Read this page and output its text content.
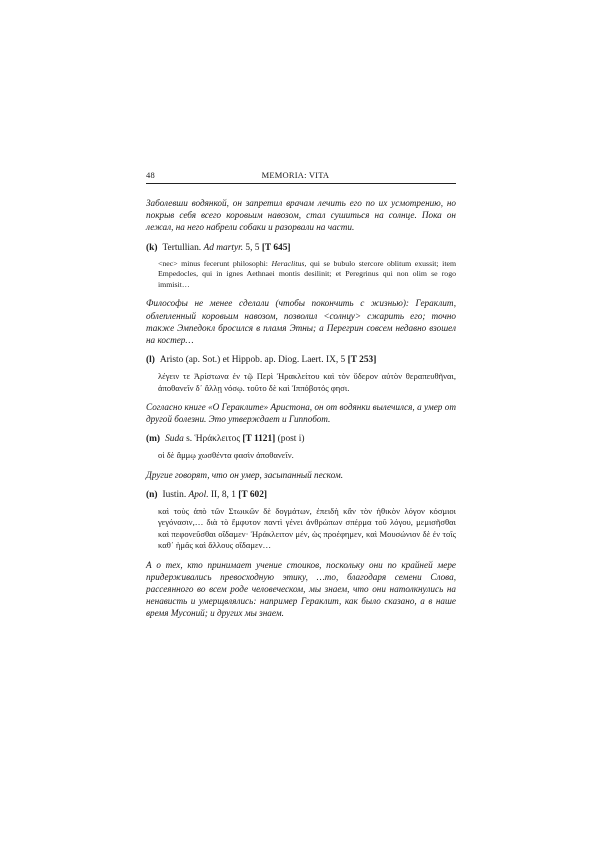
48	MEMORIA: VITA

Заболевши водянкой, он запретил врачам лечить его по их усмотрению, но покрыв себя всего коровьим навозом, стал сушиться на солнце. Пока он лежал, на него набрели собаки и разорвали на части.

(k) Tertullian. Ad martyr. 5, 5 [T 645]
<nec> minus fecerunt philosophi: Heraclitus, qui se bubulo stercore oblitum exussit; item Empedocles, qui in ignes Aethnaei montis desilinit; et Peregrinus qui non olim se rogo immisit…

Философы не менее сделали (чтобы покончить с жизнью): Гераклит, облепленный коровьим навозом, позволил <солнцу> сжарить его; точно также Эмпедокл бросился в пламя Этны; а Перегрин совсем недавно взошел на костер…

(l) Aristo (ap. Sot.) et Hippob. ap. Diog. Laert. IX, 5 [T 253]
λέγειν τε Ἀρίστωνα ἐν τῷ Περὶ Ἡρακλείτου καὶ τὸν ὕδερον αὐτὸν θεραπευθῆναι, ἀποθανεῖν δ᾽ ἄλλῃ νόσῳ. τοῦτο δὲ καὶ Ἱππόβοτός φησι.

Согласно книге «О Гераклите» Аристона, он от водянки вылечился, а умер от другой болезни. Это утверждает и Гиппобот.

(m) Suda s. Ἡράκλειτος [T 1121] (post i)
οἱ δὲ ἄμμῳ χωσθέντα φασὶν ἀποθανεῖν.

Другие говорят, что он умер, засыпанный песком.

(n) Iustin. Apol. II, 8, 1 [T 602]
καὶ τοὺς ἀπὸ τῶν Στωικῶν δὲ δογμάτων, ἐπειδὴ κἂν τὸν ἠθικὸν λόγον κόσμιοι γεγόνασιν,… διὰ τὸ ἔμφυτον παντὶ γένει ἀνθρώπων σπέρμα τοῦ λόγου, μεμισῆσθαι καὶ πεφονεῦσθαι οἴδαμεν· Ἡράκλειτον μέν, ὡς προέφημεν, καὶ Μουσώνιον δὲ ἐν τοῖς καθ᾽ ἡμᾶς καὶ ἄλλους οἴδαμεν…

А о тех, кто принимает учение стоиков, поскольку они по крайней мере придерживались превосходную этику, …то, благодаря семени Слова, рассеянного во всем роде человеческом, мы знаем, что они натолкнулись на ненависть и умерщвлялись: например Гераклит, как было сказано, а в наше время Мусоний; и других мы знаем.
